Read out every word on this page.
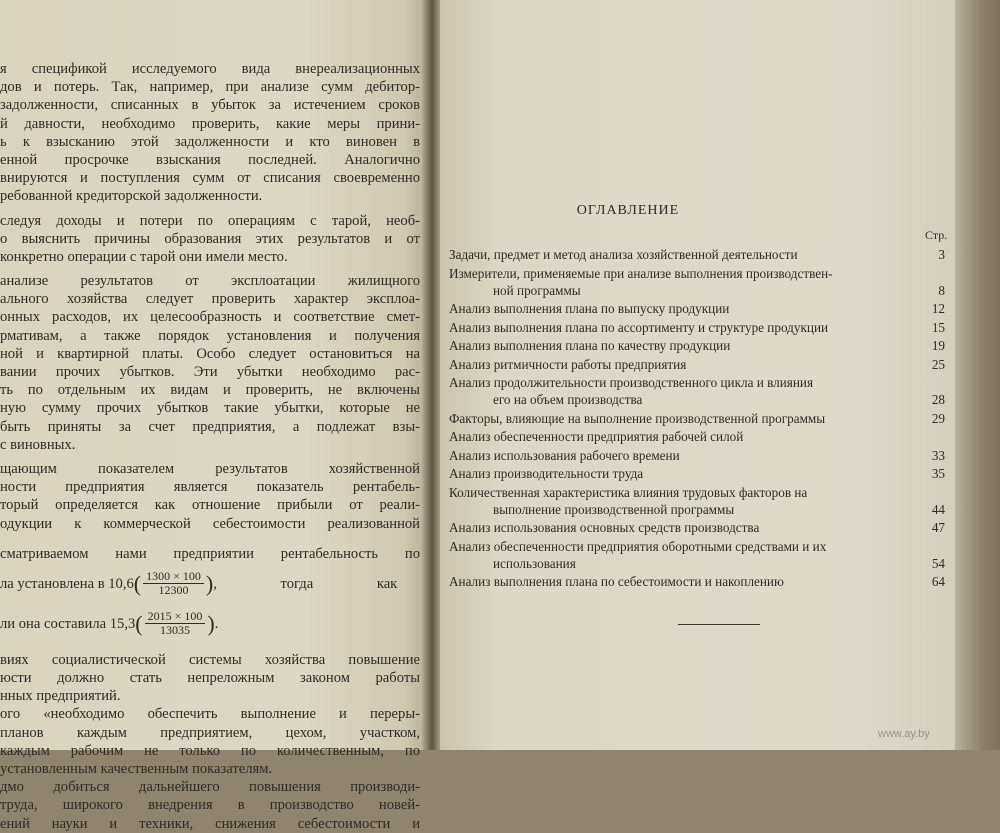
я спецификой исследуемого вида внереализационных
дов и потерь. Так, например, при анализе сумм дебитор-
задолженности, списанных в убыток за истечением сроков
й давности, необходимо проверить, какие меры прини-
ь к взысканию этой задолженности и кто виновен в
енной просрочке взыскания последней. Аналогично
внируются и поступления сумм от списания своевременно
ребованной кредиторской задолженности.
следуя доходы и потери по операциям с тарой, необ-
о выяснить причины образования этих результатов и от
конкретно операции с тарой они имели место.
анализе результатов от эксплоатации жилищного
ального хозяйства следует проверить характер эксплоа-
онных расходов, их целесообразность и соответствие смет-
рмативам, а также порядок установления и получения
ной и квартирной платы. Особо следует остановиться на
вании прочих убытков. Эти убытки необходимо рас-
ть по отдельным их видам и проверить, не включены
ную сумму прочих убытков такие убытки, которые не
быть приняты за счет предприятия, а подлежат взы-
с виновных.
щающим показателем результатов хозяйственной
ности предприятия является показатель рентабель-
торый определяется как отношение прибыли от реали-
одукции к коммерческой себестоимости реализованной
сматриваемом нами предприятии рентабельность по
ла установлена в 10,6 ( $\frac{1300 \times 100}{12300}$ ) , тогда как
ли она составила 15,3 ( $\frac{2015 \times 100}{13035}$ ) .
виях социалистической системы хозяйства повышение
юсти должно стать непреложным законом работы
нных предприятий.
ого «необходимо обеспечить выполнение и переры-
планов каждым предприятием, цехом, участком,
каждым рабочим не только по количественным, по
установленным качественным показателям.
дмо добиться дальнейшего повышения производи-
труда, широкого внедрения в производство новей-
ений науки и техники, снижения себестоимости и
ОГЛАВЛЕНИЕ
Стр.
Задачи, предмет и метод анализа хозяйственной деятельности	3
Измерители, применяемые при анализе выполнения производствен-
ной программы	8
Анализ выполнения плана по выпуску продукции	12
Анализ выполнения плана по ассортименту и структуре продукции	15
Анализ выполнения плана по качеству продукции	19
Анализ ритмичности работы предприятия	25
Анализ продолжительности производственного цикла и влияния
его на объем производства	28
Факторы, влияющие на выполнение производственной программы	29
Анализ обеспеченности предприятия рабочей силой
Анализ использования рабочего времени	33
Анализ производительности труда	35
Количественная характеристика влияния трудовых факторов на
выполнение производственной программы	44
Анализ использования основных средств производства	47
Анализ обеспеченности предприятия оборотными средствами и их
использования	54
Анализ выполнения плана по себестоимости и накоплению	64
www.ay.by
